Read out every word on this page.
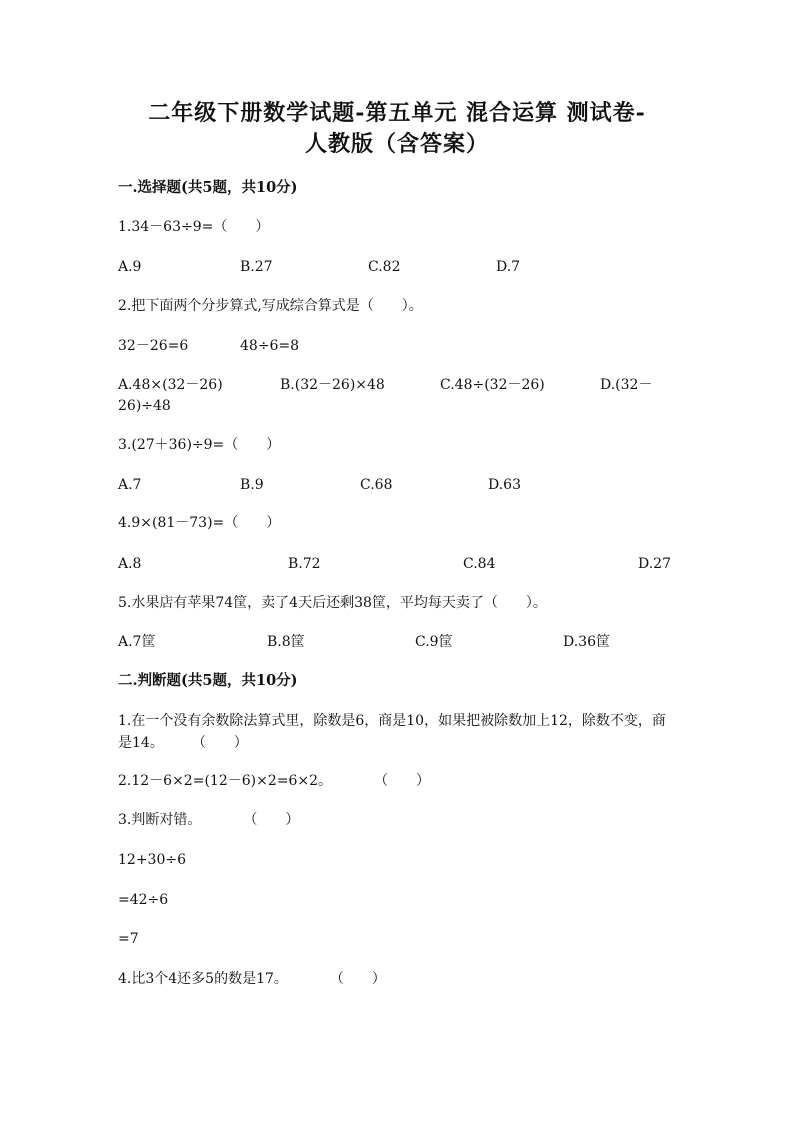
二年级下册数学试题-第五单元 混合运算 测试卷-
人教版（含答案）
一.选择题(共5题，共10分)
1.34－63÷9=（　　）
A.9	B.27	C.82	D.7
2.把下面两个分步算式,写成综合算式是（　　）。
32－26=6	48÷6=8
A.48×(32－26)	B.(32－26)×48	C.48÷(32－26)	D.(32－
26)÷48
3.(27＋36)÷9=（　　）
A.7	B.9	C.68	D.63
4.9×(81－73)=（　　）
A.8	B.72	C.84	D.27
5.水果店有苹果74筐，卖了4天后还剩38筐，平均每天卖了（　　）。
A.7筐	B.8筐	C.9筐	D.36筐
二.判断题(共5题，共10分)
1.在一个没有余数除法算式里，除数是6，商是10，如果把被除数加上12，除数不变，商是14。　　　（　　）
2.12－6×2=(12－6)×2=6×2。　　　　（　　）
3.判断对错。　　　　（　　）
12+30÷6
=42÷6
=7
4.比3个4还多5的数是17。　　　　（　　）
